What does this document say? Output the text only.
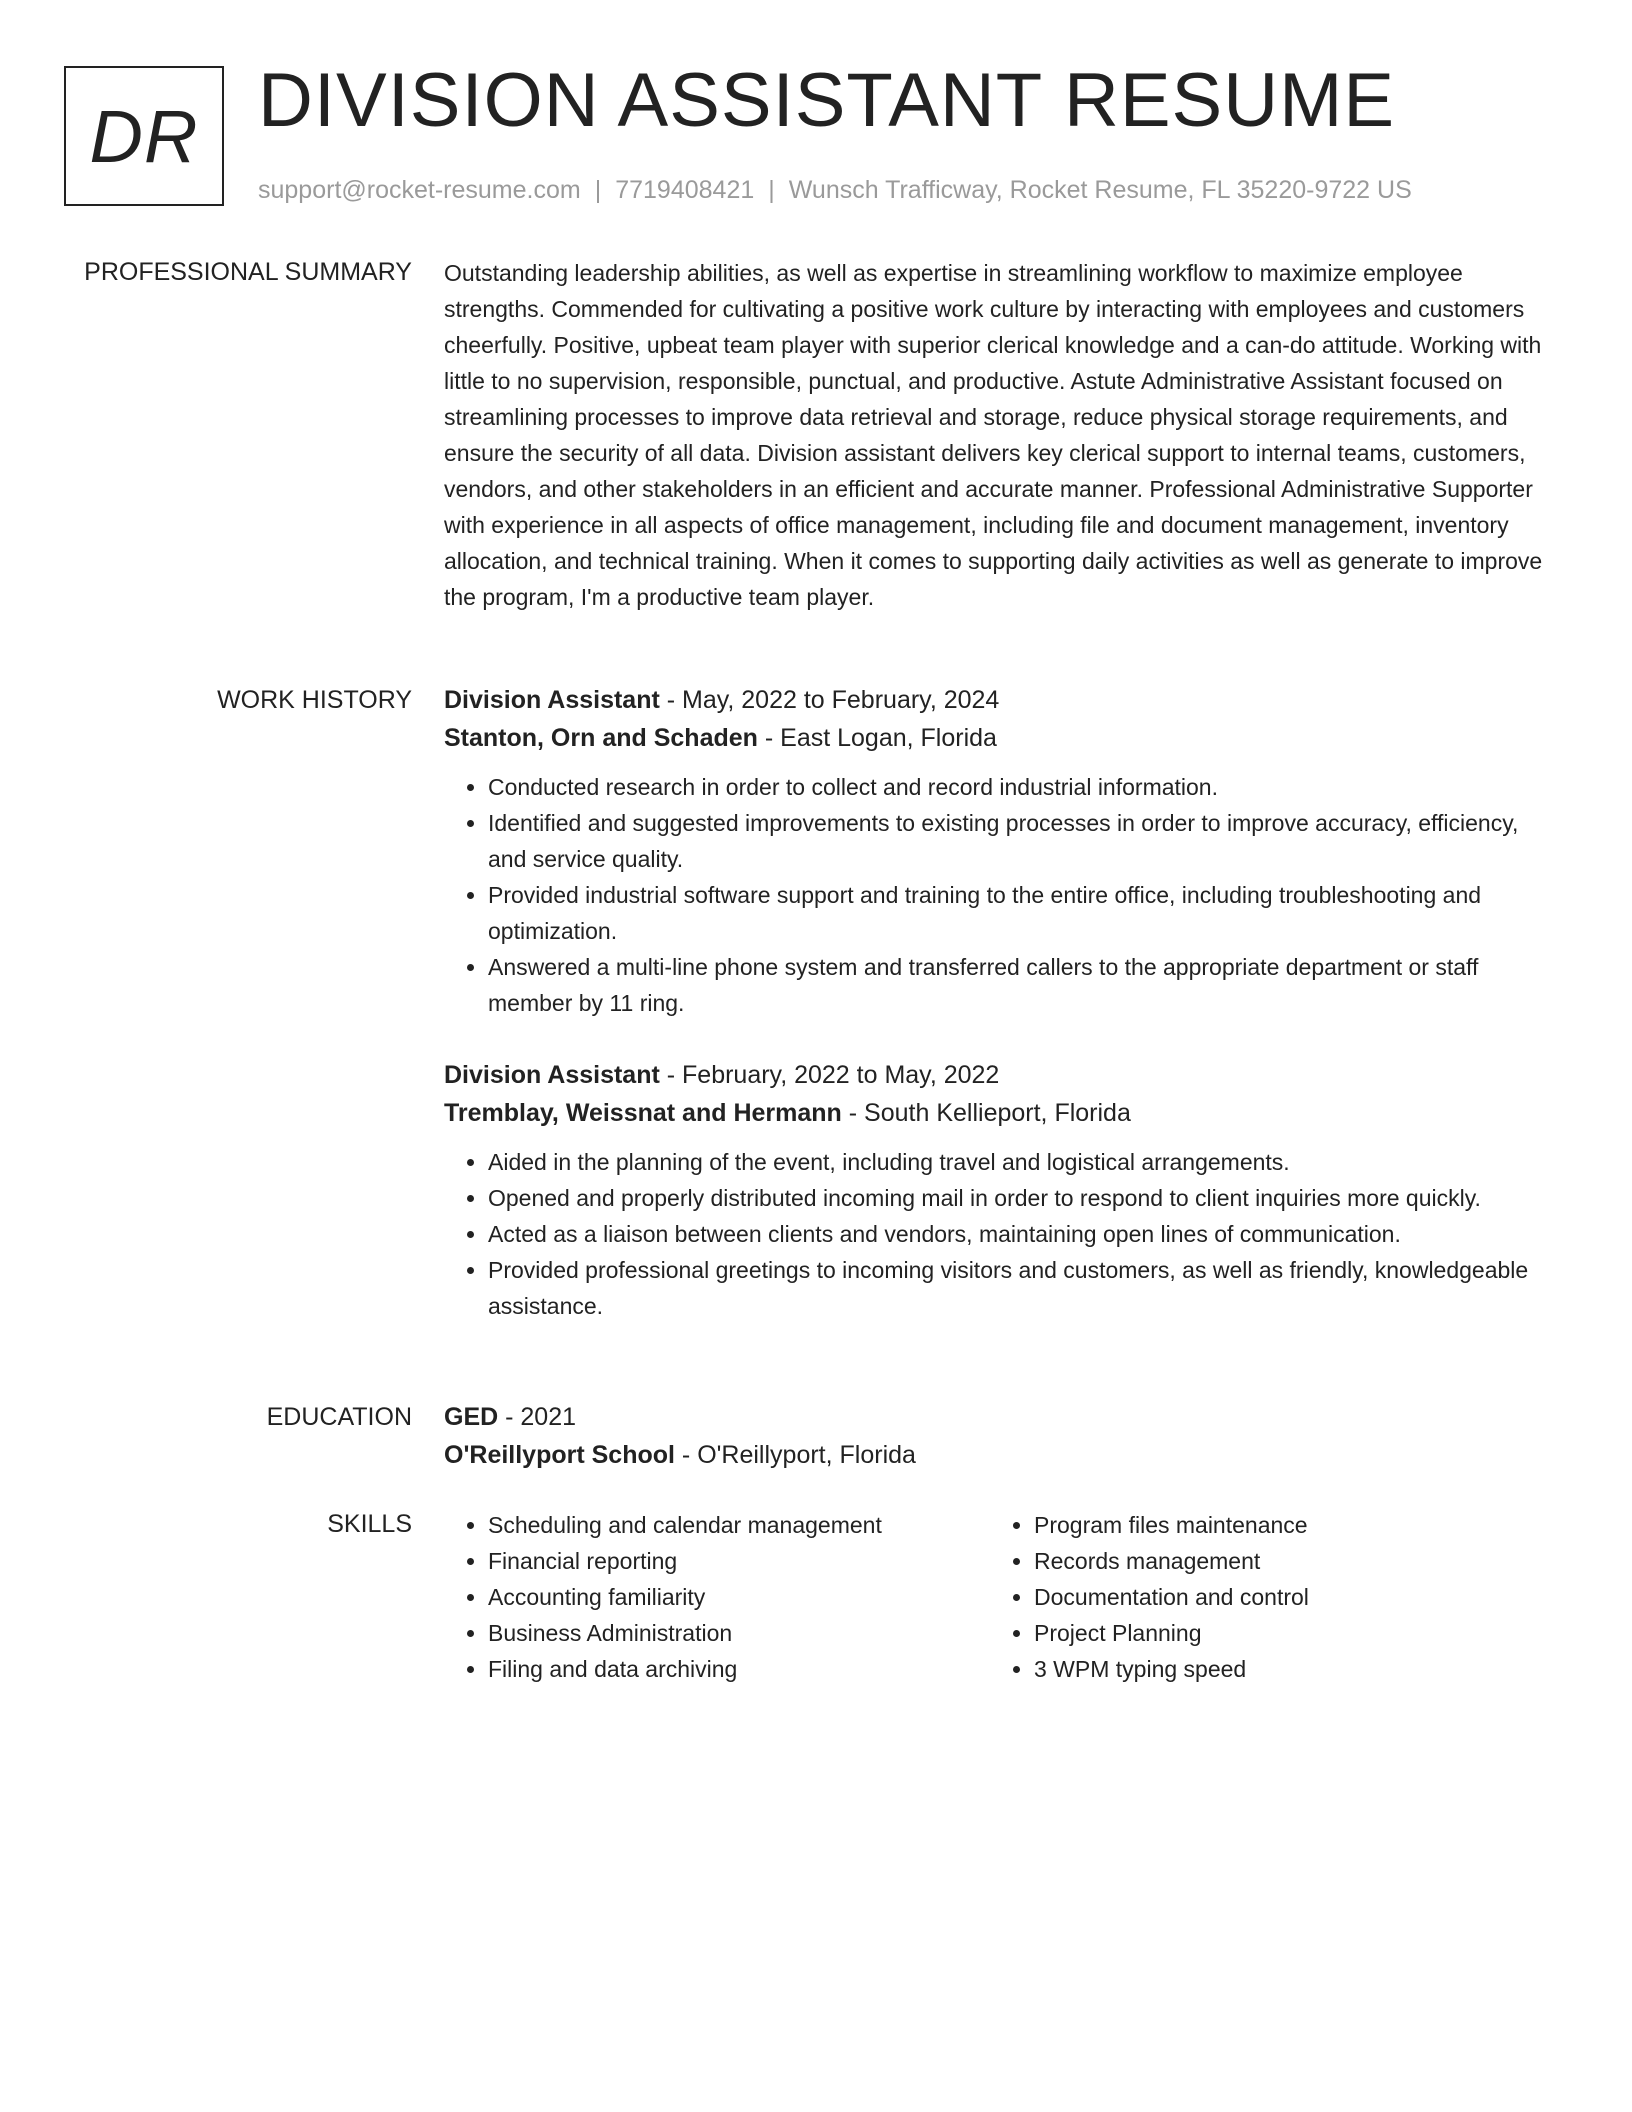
DR DIVISION ASSISTANT RESUME
support@rocket-resume.com | 7719408421 | Wunsch Trafficway, Rocket Resume, FL 35220-9722 US
PROFESSIONAL SUMMARY Outstanding leadership abilities, as well as expertise in streamlining workflow to maximize employee strengths. Commended for cultivating a positive work culture by interacting with employees and customers cheerfully. Positive, upbeat team player with superior clerical knowledge and a can-do attitude. Working with little to no supervision, responsible, punctual, and productive. Astute Administrative Assistant focused on streamlining processes to improve data retrieval and storage, reduce physical storage requirements, and ensure the security of all data. Division assistant delivers key clerical support to internal teams, customers, vendors, and other stakeholders in an efficient and accurate manner. Professional Administrative Supporter with experience in all aspects of office management, including file and document management, inventory allocation, and technical training. When it comes to supporting daily activities as well as generate to improve the program, I'm a productive team player.

WORK HISTORY Division Assistant - May, 2022 to February, 2024
Stanton, Orn and Schaden - East Logan, Florida
• Conducted research in order to collect and record industrial information.
• Identified and suggested improvements to existing processes in order to improve accuracy, efficiency, and service quality.
• Provided industrial software support and training to the entire office, including troubleshooting and optimization.
• Answered a multi-line phone system and transferred callers to the appropriate department or staff member by 11 ring.
Division Assistant - February, 2022 to May, 2022
Tremblay, Weissnat and Hermann - South Kellieport, Florida
• Aided in the planning of the event, including travel and logistical arrangements.
• Opened and properly distributed incoming mail in order to respond to client inquiries more quickly.
• Acted as a liaison between clients and vendors, maintaining open lines of communication.
• Provided professional greetings to incoming visitors and customers, as well as friendly, knowledgeable assistance.
EDUCATION GED - 2021
O'Reillyport School - O'Reillyport, Florida
SKILLS
•	Scheduling and calendar management
• Financial reporting
• Accounting familiarity
• Business Administration
• Filing and data archiving
• Program files maintenance
• Records management
• Documentation and control
• Project Planning
• 3 WPM typing speed
